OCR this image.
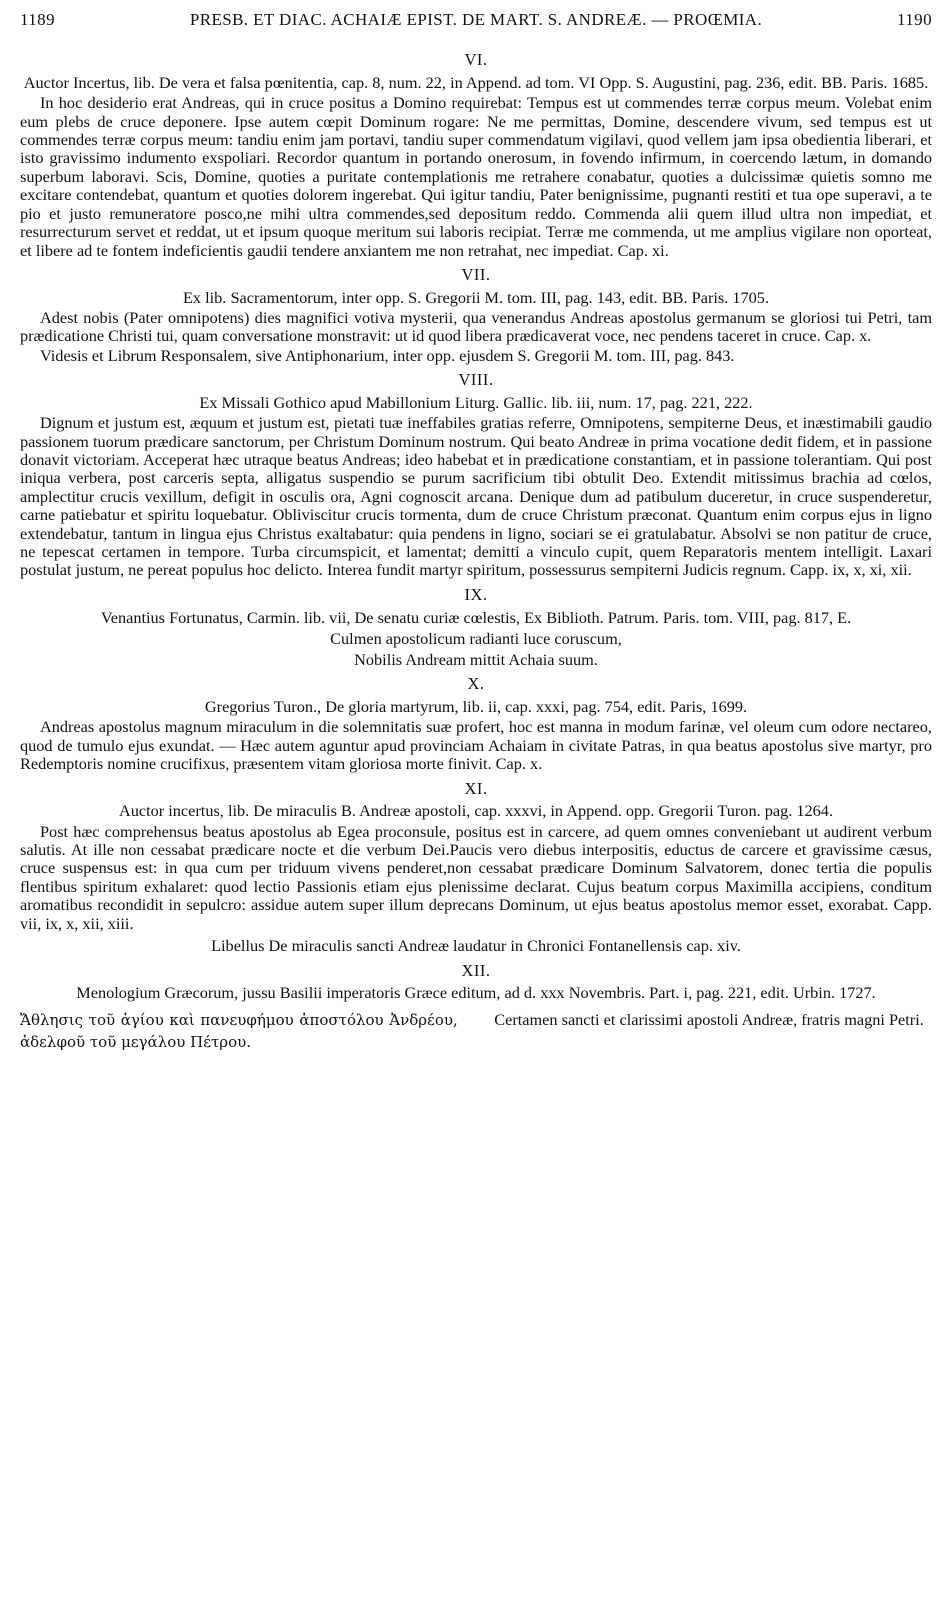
1189	PRESB. ET DIAC. ACHAIÆ EPIST. DE MART. S. ANDREÆ. — PROŒMIA.	1190
VI.
Auctor Incertus, lib. De vera et falsa pœnitentia, cap. 8, num. 22, in Append. ad tom. VI Opp. S. Augustini, pag. 236, edit. BB. Paris. 1685.

In hoc desiderio erat Andreas, qui in cruce positus a Domino requirebat: Tempus est ut commendes terræ corpus meum. Volebat enim eum plebs de cruce deponere. Ipse autem cœpit Dominum rogare: Ne me permittas, Domine, descendere vivum, sed tempus est ut commendes terræ corpus meum: tandiu enim jam portavi, tandiu super commendatum vigilavi, quod vellem jam ipsa obedientia liberari, et isto gravissimo indumento exspoliari. Recordor quantum in portando onerosum, in fovendo infirmum, in coercendo lætum, in domando superbum laboravi. Scis, Domine, quoties a puritate contemplationis me retrahere conabatur, quoties a dulcissimæ quietis somno me excitare contendebat, quantum et quoties dolorem ingerebat. Qui igitur tandiu, Pater benignissime, pugnanti restiti et tua ope superavi, a te pio et justo remuneratore posco,ne mihi ultra commendes,sed depositum reddo. Commenda alii quem illud ultra non impediat, et resurrecturum servet et reddat, ut et ipsum quoque meritum sui laboris recipiat. Terræ me commenda, ut me amplius vigilare non oporteat, et libere ad te fontem indeficientis gaudii tendere anxiantem me non retrahat, nec impediat. Cap. xi.

VII.
Ex lib. Sacramentorum, inter opp. S. Gregorii M. tom. III, pag. 143, edit. BB. Paris. 1705.

Adest nobis (Pater omnipotens) dies magnifici votiva mysterii, qua venerandus Andreas apostolus germanum se gloriosi tui Petri, tam prædicatione Christi tui, quam conversatione monstravit: ut id quod libera prædicaverat voce, nec pendens taceret in cruce. Cap. x.

Videsis et Librum Responsalem, sive Antiphonarium, inter opp. ejusdem S. Gregorii M. tom. III, pag. 843.

VIII.
Ex Missali Gothico apud Mabillonium Liturg. Gallic. lib. iii, num. 17, pag. 221, 222.

Dignum et justum est, æquum et justum est, pietati tuæ ineffabiles gratias referre, Omnipotens, sempiterne Deus, et inæstimabili gaudio passionem tuorum prædicare sanctorum, per Christum Dominum nostrum. Qui beato Andreæ in prima vocatione dedit fidem, et in passione donavit victoriam. Acceperat hæc utraque beatus Andreas; ideo habebat et in prædicatione constantiam, et in passione tolerantiam. Qui post iniqua verbera, post carceris septa, alligatus suspendio se purum sacrificium tibi obtulit Deo. Extendit mitissimus brachia ad cœlos, amplectitur crucis vexillum, defigit in osculis ora, Agni cognoscit arcana. Denique dum ad patibulum duceretur, in cruce suspenderetur, carne patiebatur et spiritu loquebatur. Obliviscitur crucis tormenta, dum de cruce Christum præconat. Quantum enim corpus ejus in ligno extendebatur, tantum in lingua ejus Christus exaltabatur: quia pendens in ligno, sociari se ei gratulabatur. Absolvi se non patitur de cruce, ne tepescat certamen in tempore. Turba circumspicit, et lamentat; demitti a vinculo cupit, quem Reparatoris mentem intelligit. Laxari postulat justum, ne pereat populus hoc delicto. Interea fundit martyr spiritum, possessurus sempiterni Judicis regnum. Capp. ix, x, xi, xii.

IX.
Venantius Fortunatus, Carmin. lib. vii, De senatu curiæ cœlestis, Ex Biblioth. Patrum. Paris. tom. VIII, pag. 817, E.
Culmen apostolicum radianti luce coruscum,
Nobilis Andream mittit Achaia suum.
X.
Gregorius Turon., De gloria martyrum, lib. ii, cap. xxxi, pag. 754, edit. Paris, 1699.

Andreas apostolus magnum miraculum in die solemnitatis suæ profert, hoc est manna in modum farinæ, vel oleum cum odore nectareo, quod de tumulo ejus exundat. — Hæc autem aguntur apud provinciam Achaiam in civitate Patras, in qua beatus apostolus sive martyr, pro Redemptoris nomine crucifixus, præsentem vitam gloriosa morte finivit. Cap. x.

XI.
Auctor incertus, lib. De miraculis B. Andreæ apostoli, cap. xxxvi, in Append. opp. Gregorii Turon. pag. 1264.

Post hæc comprehensus beatus apostolus ab Egea proconsule, positus est in carcere, ad quem omnes conveniebant ut audirent verbum salutis. At ille non cessabat prædicare nocte et die verbum Dei.Paucis vero diebus interpositis, eductus de carcere et gravissime cæsus, cruce suspensus est: in qua cum per triduum vivens penderet,non cessabat prædicare Dominum Salvatorem, donec tertia die populis flentibus spiritum exhalaret: quod lectio Passionis etiam ejus plenissime declarat. Cujus beatum corpus Maximilla accipiens, conditum aromatibus recondidit in sepulcro: assidue autem super illum deprecans Dominum, ut ejus beatus apostolus memor esset, exorabat. Capp. vii, ix, x, xii, xiii.

Libellus De miraculis sancti Andreæ laudatur in Chronici Fontanellensis cap. xiv.
XII.
Menologium Græcorum, jussu Basilii imperatoris Græce editum, ad d. xxx Novembris. Part. i, pag. 221, edit. Urbin. 1727.
Ἄθλησις τοῦ ἁγίου καὶ πανευφήμου ἀποστόλου Ἀνδρέου, ἀδελφοῦ τοῦ μεγάλου Πέτρου.
Certamen sancti et clarissimi apostoli Andreæ, fratris magni Petri.
